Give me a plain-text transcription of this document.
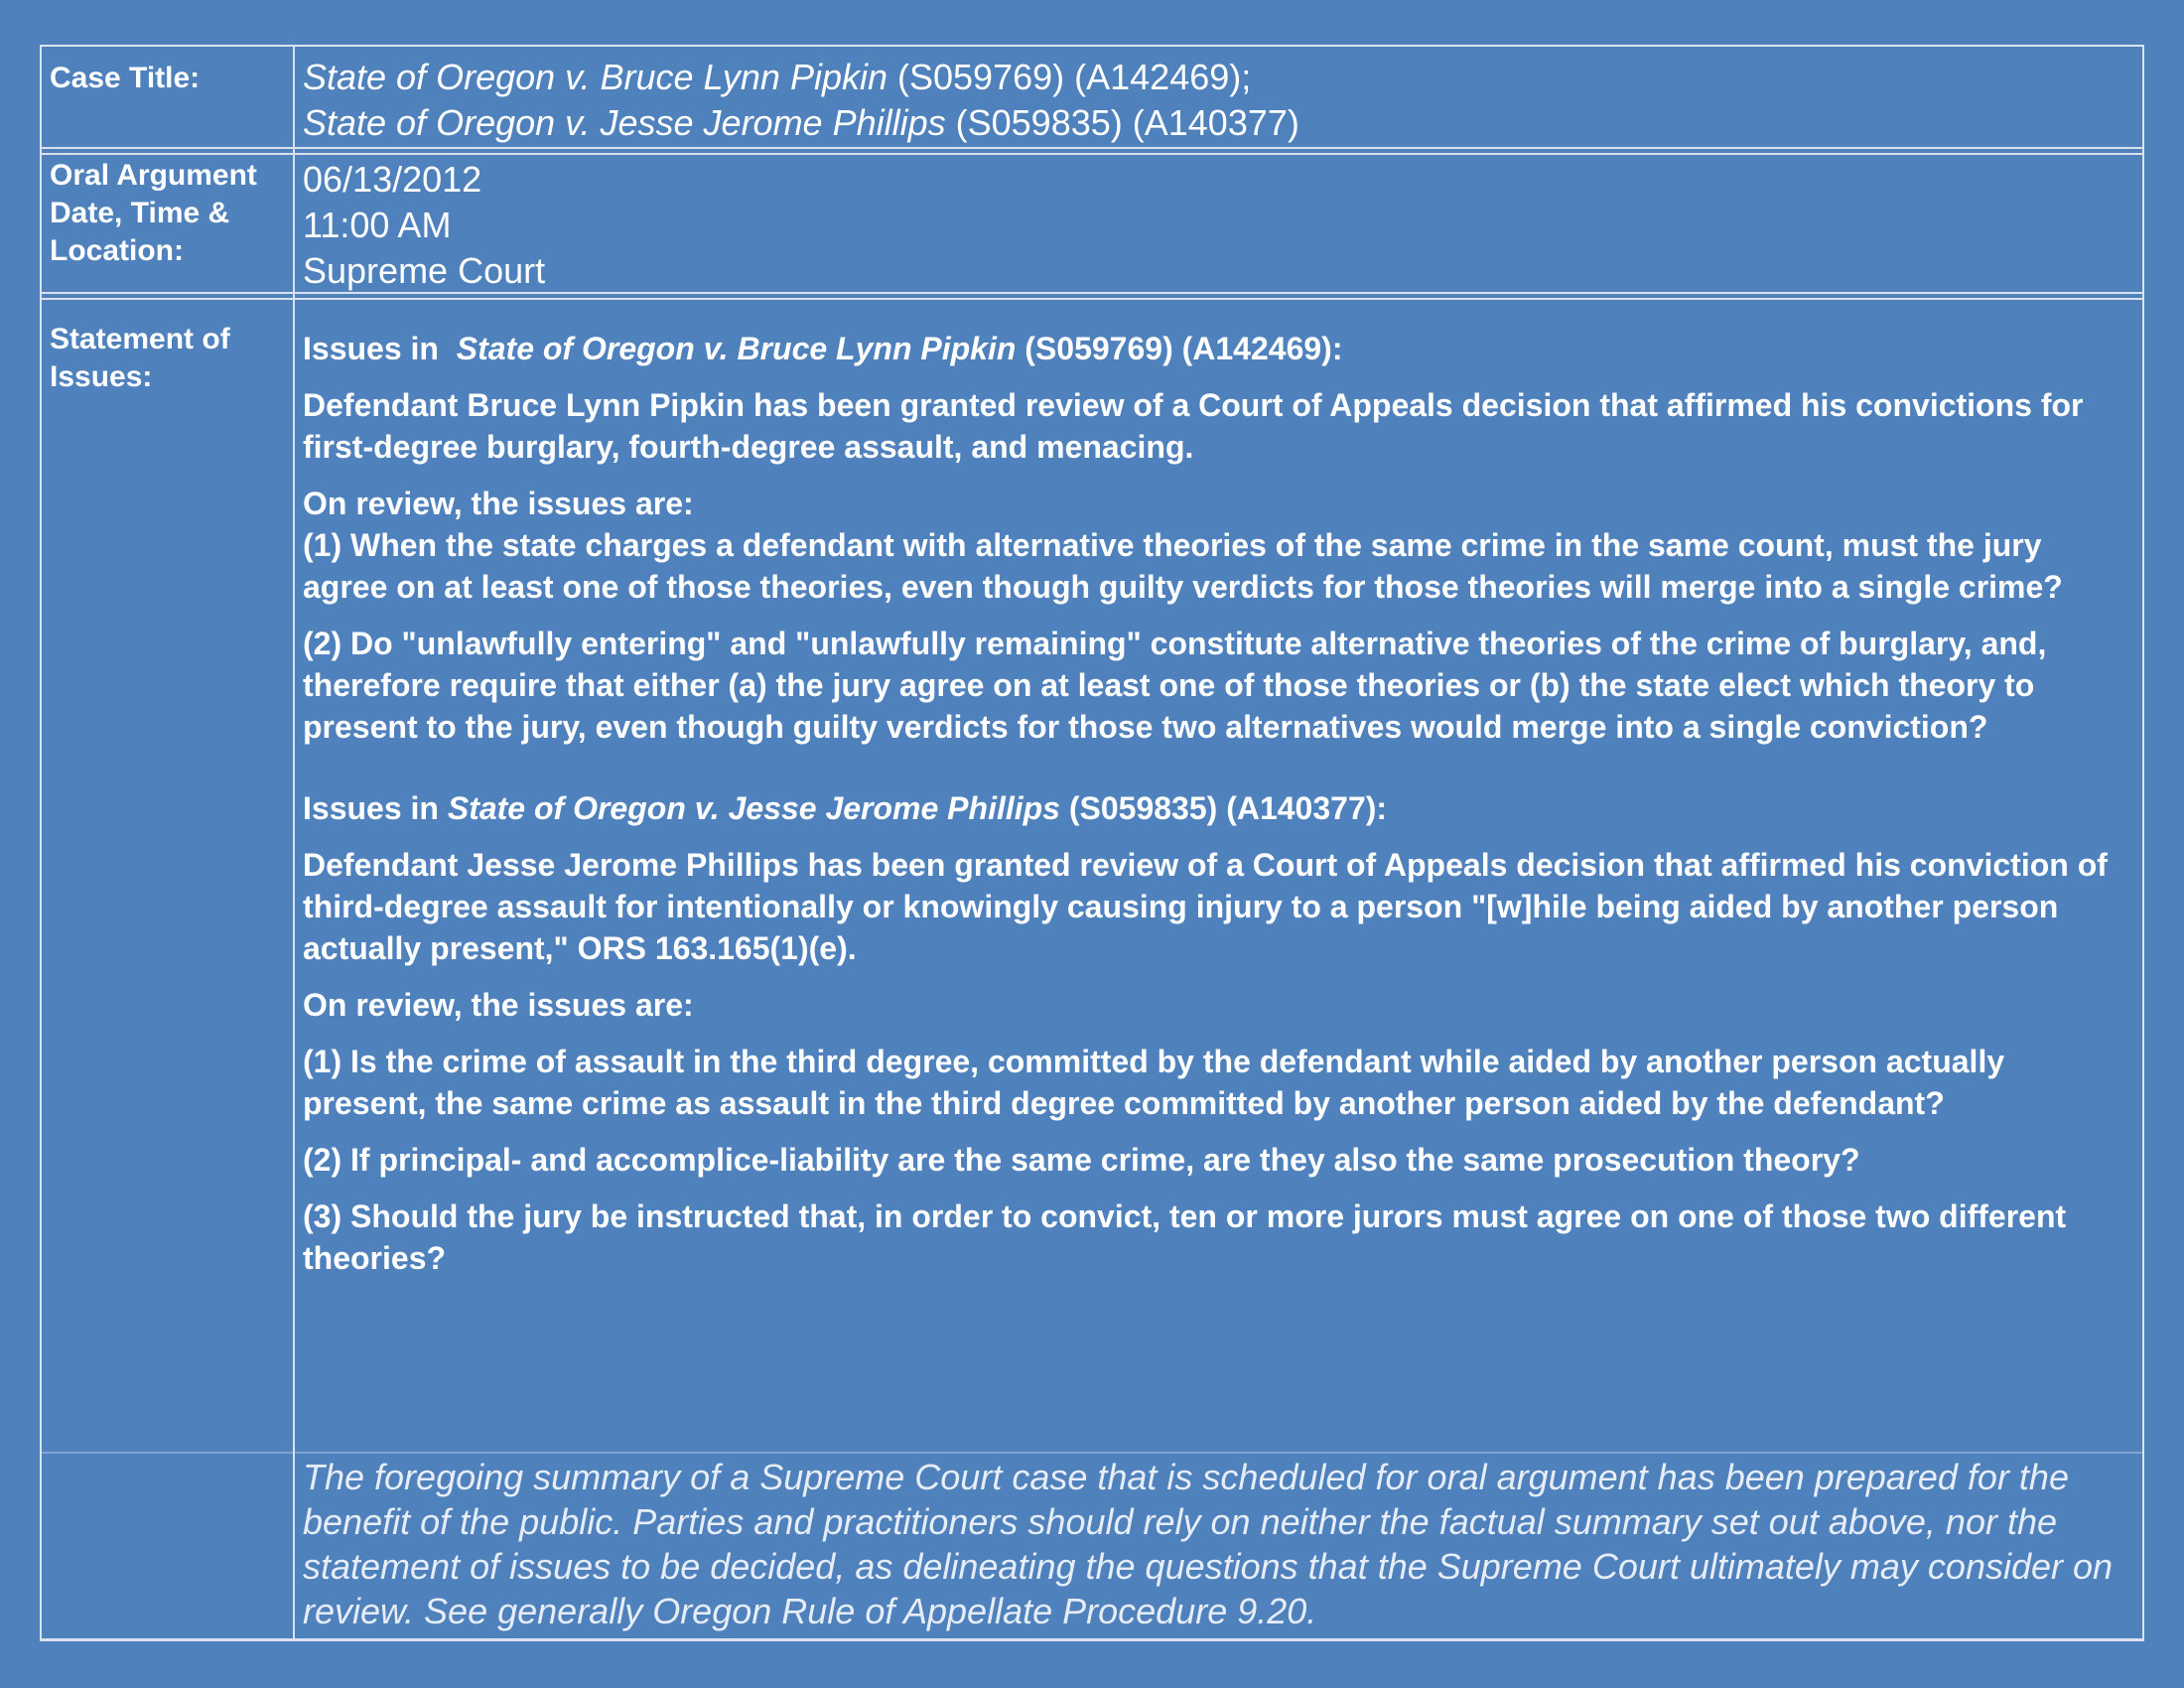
Case Title:	State of Oregon v. Bruce Lynn Pipkin (S059769) (A142469);
State of Oregon v. Jesse Jerome Phillips (S059835) (A140377)
Oral Argument
Date, Time &
Location:
06/13/2012
11:00 AM
Supreme Court
Statement of
Issues:

Issues in  State of Oregon v. Bruce Lynn Pipkin (S059769) (A142469):

Defendant Bruce Lynn Pipkin has been granted review of a Court of Appeals decision that affirmed his convictions for first-degree burglary, fourth-degree assault, and menacing.

On review, the issues are:

(1) When the state charges a defendant with alternative theories of the same crime in the same count, must the jury agree on at least one of those theories, even though guilty verdicts for those theories will merge into a single crime?

(2) Do "unlawfully entering" and "unlawfully remaining" constitute alternative theories of the crime of burglary, and, therefore require that either (a) the jury agree on at least one of those theories or (b) the state elect which theory to present to the jury, even though guilty verdicts for those two alternatives would merge into a single conviction?

Issues in State of Oregon v. Jesse Jerome Phillips (S059835) (A140377):

Defendant Jesse Jerome Phillips has been granted review of a Court of Appeals decision that affirmed his conviction of third-degree assault for intentionally or knowingly causing injury to a person "[w]hile being aided by another person actually present," ORS 163.165(1)(e).

On review, the issues are:

(1) Is the crime of assault in the third degree, committed by the defendant while aided by another person actually present, the same crime as assault in the third degree committed by another person aided by the defendant?

(2) If principal- and accomplice-liability are the same crime, are they also the same prosecution theory?

(3) Should the jury be instructed that, in order to convict, ten or more jurors must agree on one of those two different theories?

The foregoing summary of a Supreme Court case that is scheduled for oral argument has been prepared for the benefit of the public. Parties and practitioners should rely on neither the factual summary set out above, nor the statement of issues to be decided, as delineating the questions that the Supreme Court ultimately may consider on review. See generally Oregon Rule of Appellate Procedure 9.20.
